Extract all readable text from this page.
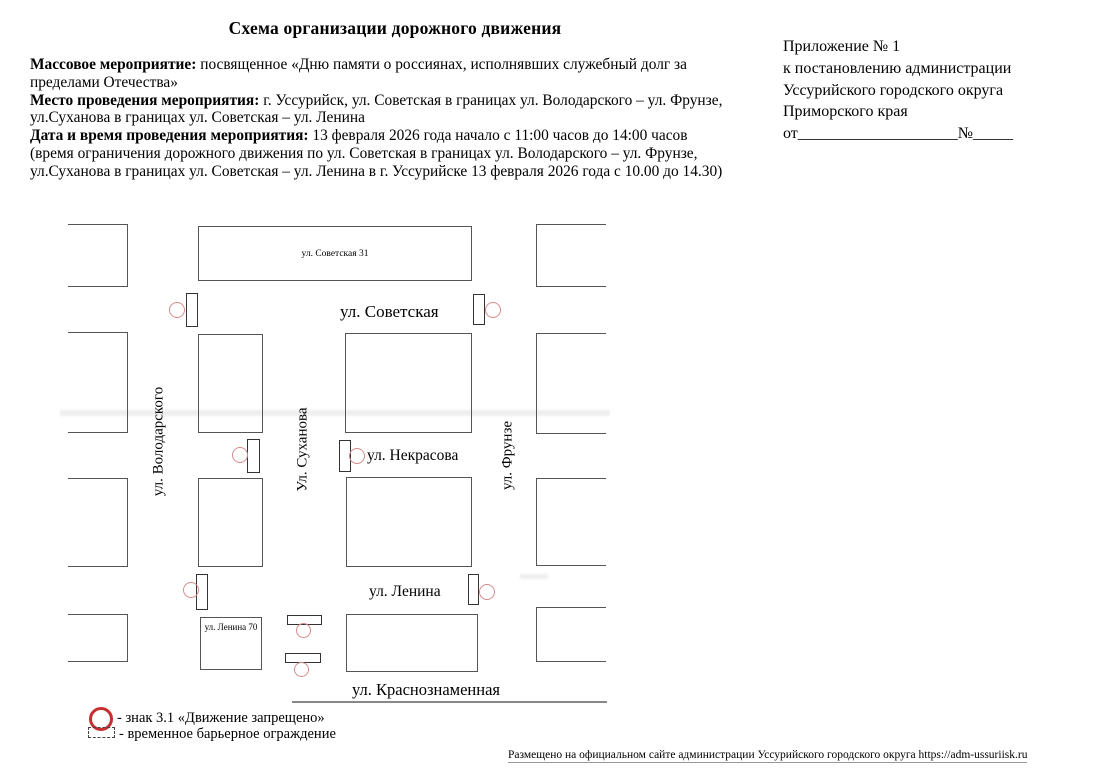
Схема организации дорожного движения
Массовое мероприятие: посвященное «Дню памяти о россиянах, исполнявших служебный долг за
пределами Отечества»
Место проведения мероприятия: г. Уссурийск, ул. Советская в границах ул. Володарского – ул. Фрунзе,
ул.Суханова в границах ул. Советская – ул. Ленина
Дата и время проведения мероприятия: 13 февраля 2026 года начало с 11:00 часов до 14:00 часов
(время ограничения дорожного движения по ул. Советская в границах ул. Володарского – ул. Фрунзе,
ул.Суханова в границах ул. Советская – ул. Ленина в г. Уссурийске 13 февраля 2026 года с 10.00 до 14.30)
Приложение № 1
к постановлению администрации
Уссурийского городского округа
Приморского края
от____________________№_____
ул. Советская 31
ул. Ленина 70
ул. Советская
ул. Некрасова
ул. Ленина
ул. Краснознаменная
ул. Володарского	Ул. Суханова	ул. Фрунзе
- знак 3.1 «Движение запрещено»
- временное барьерное ограждение
Размещено на официальном сайте администрации Уссурийского городского округа https://adm-ussuriisk.ru
